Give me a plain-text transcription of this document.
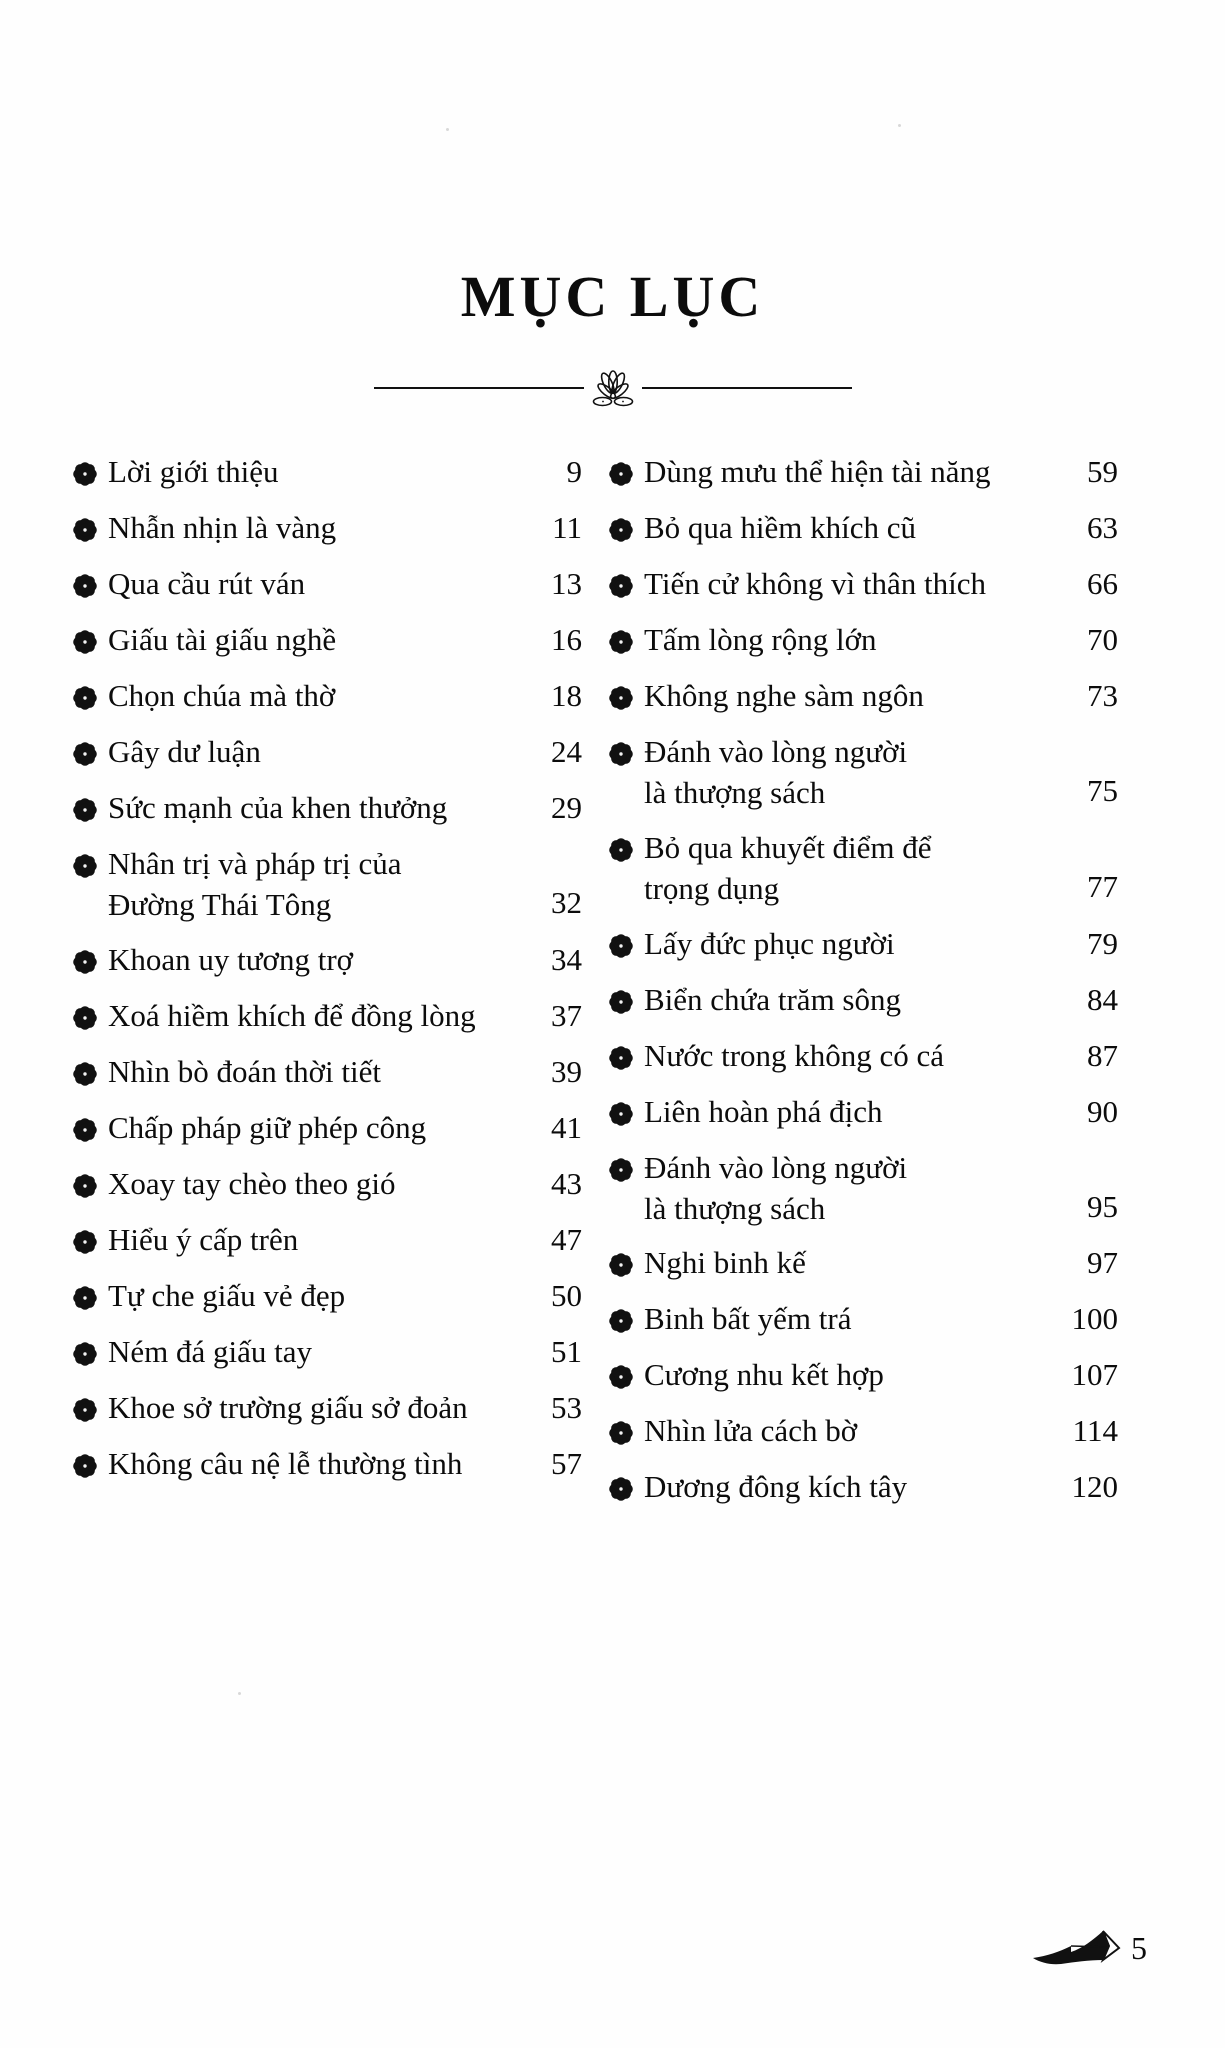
MỤC LỤC
Lời giới thiệu	9
Nhẫn nhịn là vàng	11
Qua cầu rút ván	13
Giấu tài giấu nghề	16
Chọn chúa mà thờ	18
Gây dư luận	24
Sức mạnh của khen thưởng	29
Nhân trị và pháp trị của
Đường Thái Tông	32
Khoan uy tương trợ	34
Xoá hiềm khích để đồng lòng	37
Nhìn bò đoán thời tiết	39
Chấp pháp giữ phép công	41
Xoay tay chèo theo gió	43
Hiểu ý cấp trên	47
Tự che giấu vẻ đẹp	50
Ném đá giấu tay	51
Khoe sở trường giấu sở đoản	53
Không câu nệ lễ thường tình	57
Dùng mưu thể hiện tài năng	59
Bỏ qua hiềm khích cũ	63
Tiến cử không vì thân thích	66
Tấm lòng rộng lớn	70
Không nghe sàm ngôn	73
Đánh vào lòng người
là thượng sách	75
Bỏ qua khuyết điểm để
trọng dụng	77
Lấy đức phục người	79
Biển chứa trăm sông	84
Nước trong không có cá	87
Liên hoàn phá địch	90
Đánh vào lòng người
là thượng sách	95
Nghi binh kế	97
Binh bất yếm trá	100
Cương nhu kết hợp	107
Nhìn lửa cách bờ	114
Dương đông kích tây	120
5
